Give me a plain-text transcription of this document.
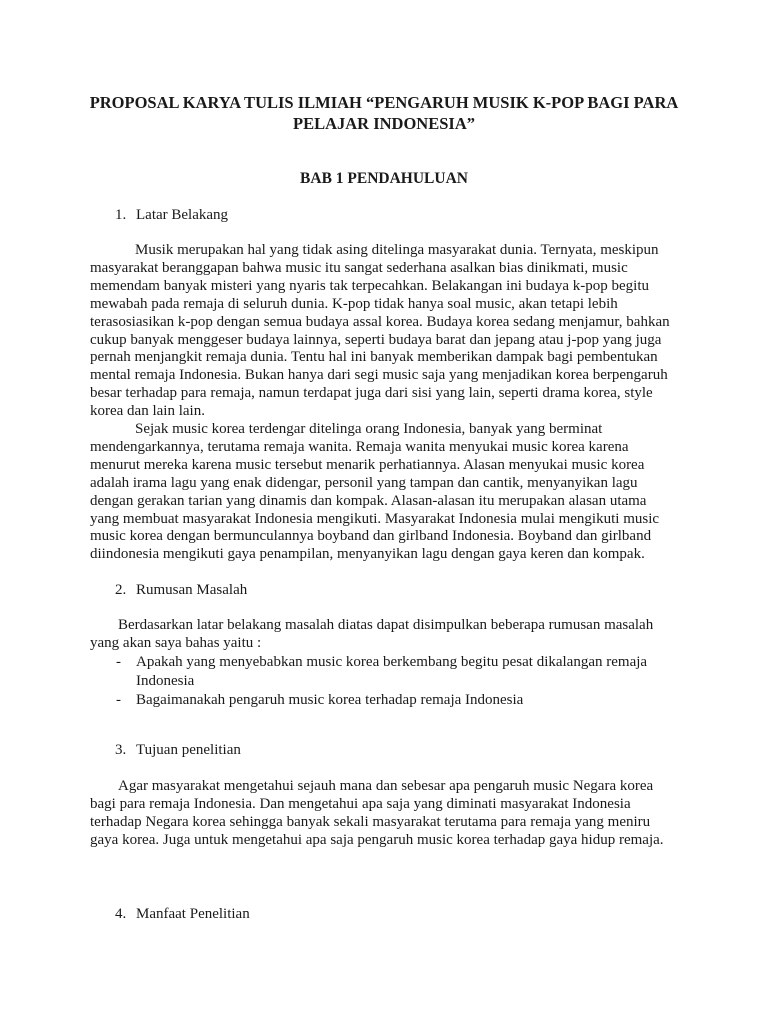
PROPOSAL KARYA TULIS ILMIAH “PENGARUH MUSIK K-POP BAGI PARA PELAJAR INDONESIA”
BAB 1 PENDAHULUAN
1. Latar Belakang

Musik merupakan hal yang tidak asing ditelinga masyarakat dunia. Ternyata, meskipun masyarakat beranggapan bahwa music itu sangat sederhana asalkan bias dinikmati, music memendam banyak misteri yang nyaris tak terpecahkan. Belakangan ini budaya k-pop begitu mewabah pada remaja di seluruh dunia. K-pop tidak hanya soal music, akan tetapi lebih terasosiasikan k-pop dengan semua budaya assal korea. Budaya korea sedang menjamur, bahkan cukup banyak menggeser budaya lainnya, seperti budaya barat dan jepang atau j-pop yang juga pernah menjangkit remaja dunia. Tentu hal ini banyak memberikan dampak bagi pembentukan mental remaja Indonesia. Bukan hanya dari segi music saja yang menjadikan korea berpengaruh besar terhadap para remaja, namun terdapat juga dari sisi yang lain, seperti drama korea, style korea dan lain lain.

Sejak music korea terdengar ditelinga orang Indonesia, banyak yang berminat mendengarkannya, terutama remaja wanita. Remaja wanita menyukai music korea karena menurut mereka karena music tersebut menarik perhatiannya. Alasan menyukai music korea adalah irama lagu yang enak didengar, personil yang tampan dan cantik, menyanyikan lagu dengan gerakan tarian yang dinamis dan kompak. Alasan-alasan itu merupakan alasan utama yang membuat masyarakat Indonesia mengikuti. Masyarakat Indonesia mulai mengikuti music music korea dengan bermunculannya boyband dan girlband Indonesia. Boyband dan girlband diindonesia mengikuti gaya penampilan, menyanyikan lagu dengan gaya keren dan kompak.

2. Rumusan Masalah

Berdasarkan latar belakang masalah diatas dapat disimpulkan beberapa rumusan masalah yang akan saya bahas yaitu :

- Apakah yang menyebabkan music korea berkembang begitu pesat dikalangan remaja Indonesia
- Bagaimanakah pengaruh music korea terhadap remaja Indonesia
3. Tujuan penelitian

Agar masyarakat mengetahui sejauh mana dan sebesar apa pengaruh music Negara korea bagi para remaja Indonesia. Dan mengetahui apa saja yang diminati masyarakat Indonesia terhadap Negara korea sehingga banyak sekali masyarakat terutama para remaja yang meniru gaya korea. Juga untuk mengetahui apa saja pengaruh music korea terhadap gaya hidup remaja.

4. Manfaat Penelitian
